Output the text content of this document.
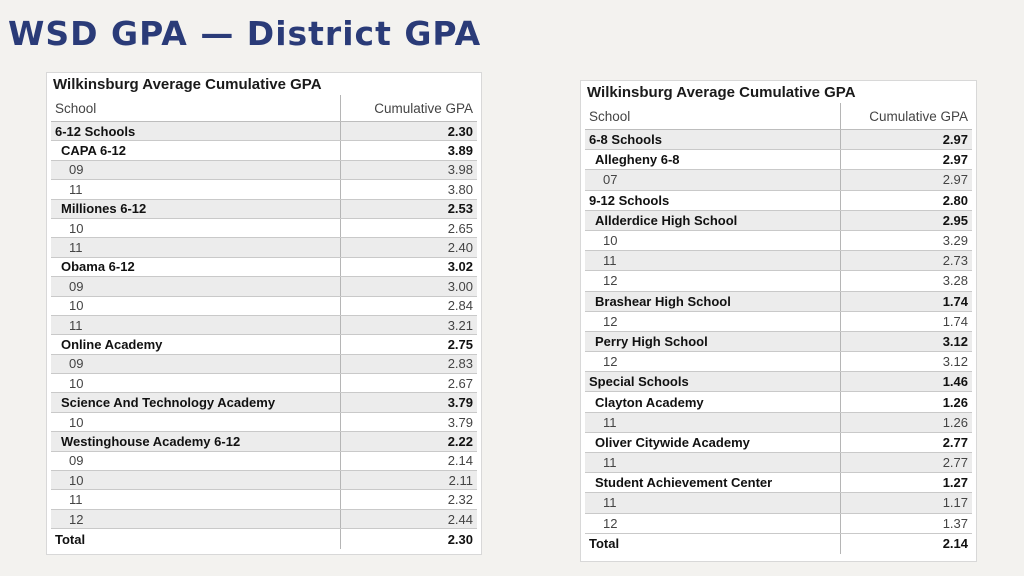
WSD GPA — District GPA
Wilkinsburg Average Cumulative GPA
School	Cumulative GPA
6-12 Schools	2.30
CAPA 6-12	3.89
09	3.98
11	3.80
Milliones 6-12	2.53
10	2.65
11	2.40
Obama 6-12	3.02
09	3.00
10	2.84
11	3.21
Online Academy	2.75
09	2.83
10	2.67
Science And Technology Academy	3.79
10	3.79
Westinghouse Academy 6-12	2.22
09	2.14
10	2.11
11	2.32
12	2.44
Total	2.30
Wilkinsburg Average Cumulative GPA
School	Cumulative GPA
6-8 Schools	2.97
Allegheny 6-8	2.97
07	2.97
9-12 Schools	2.80
Allderdice High School	2.95
10	3.29
11	2.73
12	3.28
Brashear High School	1.74
12	1.74
Perry High School	3.12
12	3.12
Special Schools	1.46
Clayton Academy	1.26
11	1.26
Oliver Citywide Academy	2.77
11	2.77
Student Achievement Center	1.27
11	1.17
12	1.37
Total	2.14
